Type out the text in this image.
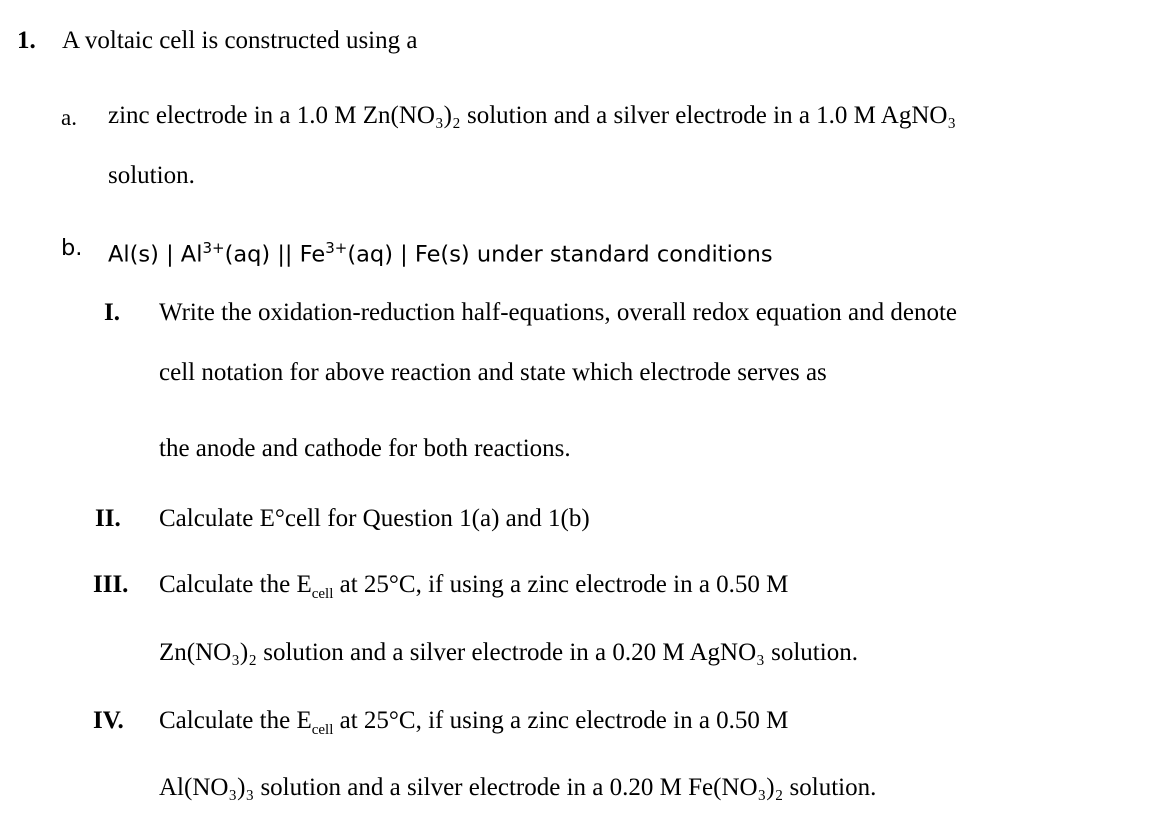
1. A voltaic cell is constructed using a
a. zinc electrode in a 1.0 M Zn(NO₃)₂ solution and a silver electrode in a 1.0 M AgNO₃
solution.
b. Al(s) | $Al^{3+}(aq)$ || $Fe^{3+}(aq)$ | Fe(s) under standard conditions
I. Write the oxidation-reduction half-equations, overall redox equation and denote
cell notation for above reaction and state which electrode serves as
the anode and cathode for both reactions.
II. Calculate E°cell for Question 1(a) and 1(b)
III. Calculate the $E_{cell}$ at 25°C, if using a zinc electrode in a 0.50 M
Zn(NO₃)₂ solution and a silver electrode in a 0.20 M AgNO₃ solution.
IV. Calculate the $E_{cell}$ at 25°C, if using a zinc electrode in a 0.50 M
Al(NO₃)₃ solution and a silver electrode in a 0.20 M Fe(NO₃)₂ solution.
